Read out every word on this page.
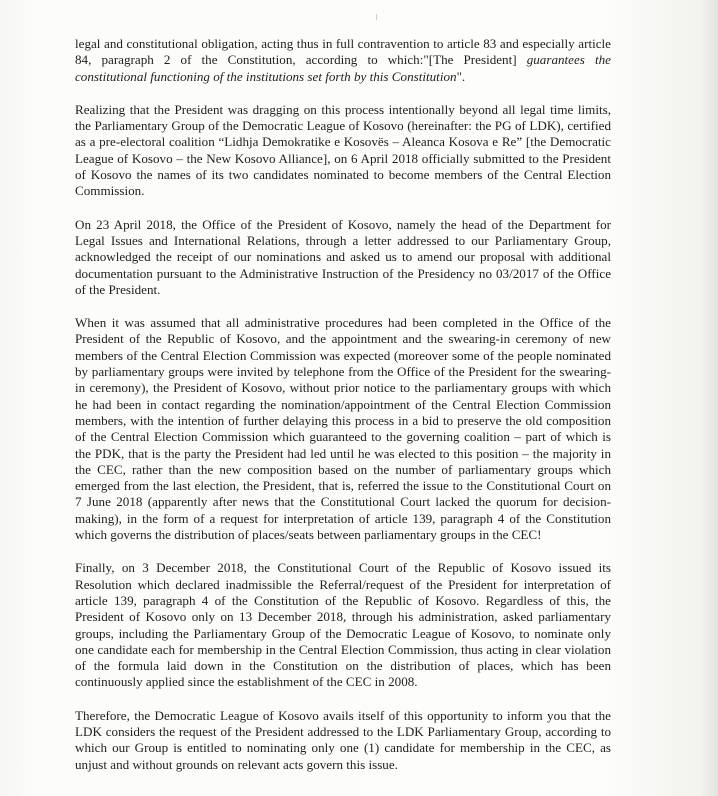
legal and constitutional obligation, acting thus in full contravention to article 83 and especially article 84, paragraph 2 of the Constitution, according to which:"[The President] guarantees the constitutional functioning of the institutions set forth by this Constitution".

Realizing that the President was dragging on this process intentionally beyond all legal time limits, the Parliamentary Group of the Democratic League of Kosovo (hereinafter: the PG of LDK), certified as a pre-electoral coalition “Lidhja Demokratike e Kosovës – Aleanca Kosova e Re” [the Democratic League of Kosovo – the New Kosovo Alliance], on 6 April 2018 officially submitted to the President of Kosovo the names of its two candidates nominated to become members of the Central Election Commission.

On 23 April 2018, the Office of the President of Kosovo, namely the head of the Department for Legal Issues and International Relations, through a letter addressed to our Parliamentary Group, acknowledged the receipt of our nominations and asked us to amend our proposal with additional documentation pursuant to the Administrative Instruction of the Presidency no 03/2017 of the Office of the President.

When it was assumed that all administrative procedures had been completed in the Office of the President of the Republic of Kosovo, and the appointment and the swearing-in ceremony of new members of the Central Election Commission was expected (moreover some of the people nominated by parliamentary groups were invited by telephone from the Office of the President for the swearing-in ceremony), the President of Kosovo, without prior notice to the parliamentary groups with which he had been in contact regarding the nomination/appointment of the Central Election Commission members, with the intention of further delaying this process in a bid to preserve the old composition of the Central Election Commission which guaranteed to the governing coalition – part of which is the PDK, that is the party the President had led until he was elected to this position – the majority in the CEC, rather than the new composition based on the number of parliamentary groups which emerged from the last election, the President, that is, referred the issue to the Constitutional Court on 7 June 2018 (apparently after news that the Constitutional Court lacked the quorum for decision-making), in the form of a request for interpretation of article 139, paragraph 4 of the Constitution which governs the distribution of places/seats between parliamentary groups in the CEC!

Finally, on 3 December 2018, the Constitutional Court of the Republic of Kosovo issued its Resolution which declared inadmissible the Referral/request of the President for interpretation of article 139, paragraph 4 of the Constitution of the Republic of Kosovo. Regardless of this, the President of Kosovo only on 13 December 2018, through his administration, asked parliamentary groups, including the Parliamentary Group of the Democratic League of Kosovo, to nominate only one candidate each for membership in the Central Election Commission, thus acting in clear violation of the formula laid down in the Constitution on the distribution of places, which has been continuously applied since the establishment of the CEC in 2008.

Therefore, the Democratic League of Kosovo avails itself of this opportunity to inform you that the LDK considers the request of the President addressed to the LDK Parliamentary Group, according to which our Group is entitled to nominating only one (1) candidate for membership in the CEC, as unjust and without grounds on relevant acts govern this issue.
